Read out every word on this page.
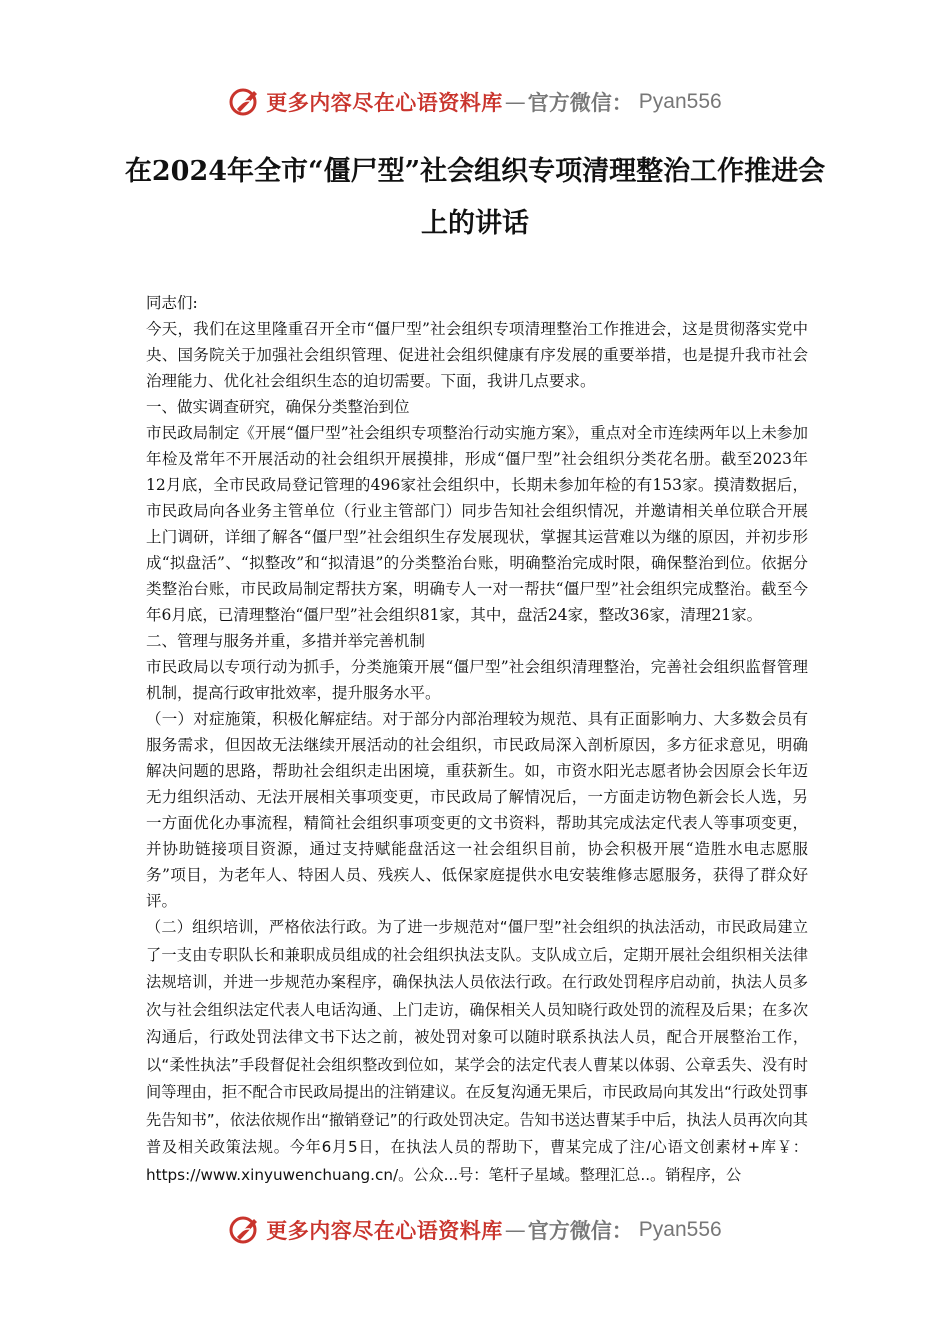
更多内容尽在心语资料库 — 官方微信： Pyan556
在2024年全市“僵尸型”社会组织专项清理整治工作推进会上的讲话

同志们:

今天，我们在这里隆重召开全市“僵尸型”社会组织专项清理整治工作推进会，这是贯彻落实党中央、国务院关于加强社会组织管理、促进社会组织健康有序发展的重要举措，也是提升我市社会治理能力、优化社会组织生态的迫切需要。下面，我讲几点要求。

一、做实调查研究，确保分类整治到位

市民政局制定《开展“僵尸型”社会组织专项整治行动实施方案》，重点对全市连续两年以上未参加年检及常年不开展活动的社会组织开展摸排，形成“僵尸型”社会组织分类花名册。截至2023年12月底，全市民政局登记管理的496家社会组织中，长期未参加年检的有153家。摸清数据后，市民政局向各业务主管单位（行业主管部门）同步告知社会组织情况，并邀请相关单位联合开展上门调研，详细了解各“僵尸型”社会组织生存发展现状，掌握其运营难以为继的原因，并初步形成“拟盘活”、“拟整改”和“拟清退”的分类整治台账，明确整治完成时限，确保整治到位。依据分类整治台账，市民政局制定帮扶方案，明确专人一对一帮扶“僵尸型”社会组织完成整治。截至今年6月底，已清理整治“僵尸型”社会组织81家，其中，盘活24家，整改36家，清理21家。

二、管理与服务并重，多措并举完善机制

市民政局以专项行动为抓手，分类施策开展“僵尸型”社会组织清理整治，完善社会组织监督管理机制，提高行政审批效率，提升服务水平。

（一）对症施策，积极化解症结。对于部分内部治理较为规范、具有正面影响力、大多数会员有服务需求，但因故无法继续开展活动的社会组织，市民政局深入剖析原因，多方征求意见，明确解决问题的思路，帮助社会组织走出困境，重获新生。如，市资水阳光志愿者协会因原会长年迈无力组织活动、无法开展相关事项变更，市民政局了解情况后，一方面走访物色新会长人选，另一方面优化办事流程，精简社会组织事项变更的文书资料，帮助其完成法定代表人等事项变更，并协助链接项目资源，通过支持赋能盘活这一社会组织目前，协会积极开展“造胜水电志愿服务”项目，为老年人、特困人员、残疾人、低保家庭提供水电安装维修志愿服务，获得了群众好评。

（二）组织培训，严格依法行政。为了进一步规范对“僵尸型”社会组织的执法活动，市民政局建立了一支由专职队长和兼职成员组成的社会组织执法支队。支队成立后，定期开展社会组织相关法律法规培训，并进一步规范办案程序，确保执法人员依法行政。在行政处罚程序启动前，执法人员多次与社会组织法定代表人电话沟通、上门走访，确保相关人员知晓行政处罚的流程及后果；在多次沟通后，行政处罚法律文书下达之前，被处罚对象可以随时联系执法人员，配合开展整治工作，以“柔性执法”手段督促社会组织整改到位如，某学会的法定代表人曹某以体弱、公章丢失、没有时间等理由，拒不配合市民政局提出的注销建议。在反复沟通无果后，市民政局向其发出“行政处罚事先告知书”，依法依规作出“撤销登记”的行政处罚决定。告知书送达曹某手中后，执法人员再次向其普及相关政策法规。今年6月5日，在执法人员的帮助下，曹某完成了注/心语文创素材+库￥：https://www.xinyuwenchuang.cn/。公众...号：笔杆子星域。整理汇总..。销程序，公

更多内容尽在心语资料库 — 官方微信： Pyan556
